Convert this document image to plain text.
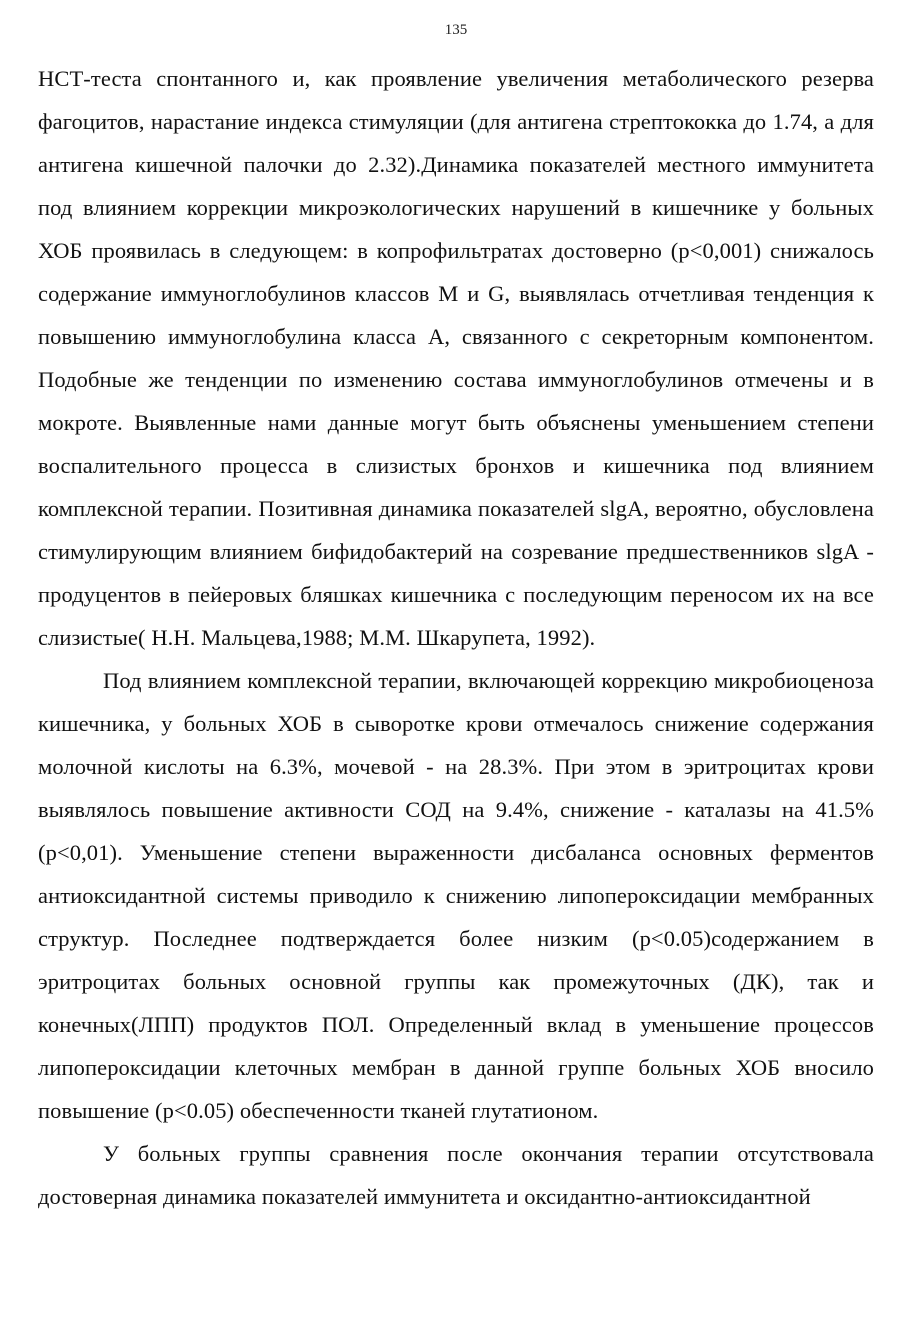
135

НСТ-теста спонтанного и, как проявление увеличения метаболического резерва фагоцитов, нарастание индекса стимуляции (для антигена стрептококка до 1.74, а для антигена кишечной палочки до 2.32).Динамика показателей местного иммунитета под влиянием коррекции микроэкологических нарушений в кишечнике у больных ХОБ проявилась в следующем: в копрофильтратах достоверно (р<0,001) снижалось содержание иммуноглобулинов классов М и G, выявлялась отчетливая тенденция к повышению иммуноглобулина класса А, связанного с секреторным компонентом. Подобные же тенденции по изменению состава иммуноглобулинов отмечены и в мокроте. Выявленные нами данные могут быть объяснены уменьшением степени воспалительного процесса в слизистых бронхов и кишечника под влиянием комплексной терапии. Позитивная динамика показателей slgA, вероятно, обусловлена стимулирующим влиянием бифидобактерий на созревание предшественников slgA - продуцентов в пейеровых бляшках кишечника с последующим переносом их на все слизистые( Н.Н. Мальцева,1988; М.М. Шкарупета, 1992).

Под влиянием комплексной терапии, включающей коррекцию микробиоценоза кишечника, у больных ХОБ в сыворотке крови отмечалось снижение содержания молочной кислоты на 6.3%, мочевой - на 28.3%. При этом в эритроцитах крови выявлялось повышение активности СОД на 9.4%, снижение - каталазы на 41.5% (р<0,01). Уменьшение степени выраженности дисбаланса основных ферментов антиоксидантной системы приводило к снижению липопероксидации мембранных структур. Последнее подтверждается более низким (р<0.05)содержанием в эритроцитах больных основной группы как промежуточных (ДК), так и конечных(ЛПП) продуктов ПОЛ. Определенный вклад в уменьшение процессов липопероксидации клеточных мембран в данной группе больных ХОБ вносило повышение (р<0.05) обеспеченности тканей глутатионом.

У больных группы сравнения после окончания терапии отсутствовала достоверная динамика показателей иммунитета и оксидантно-антиоксидантной
